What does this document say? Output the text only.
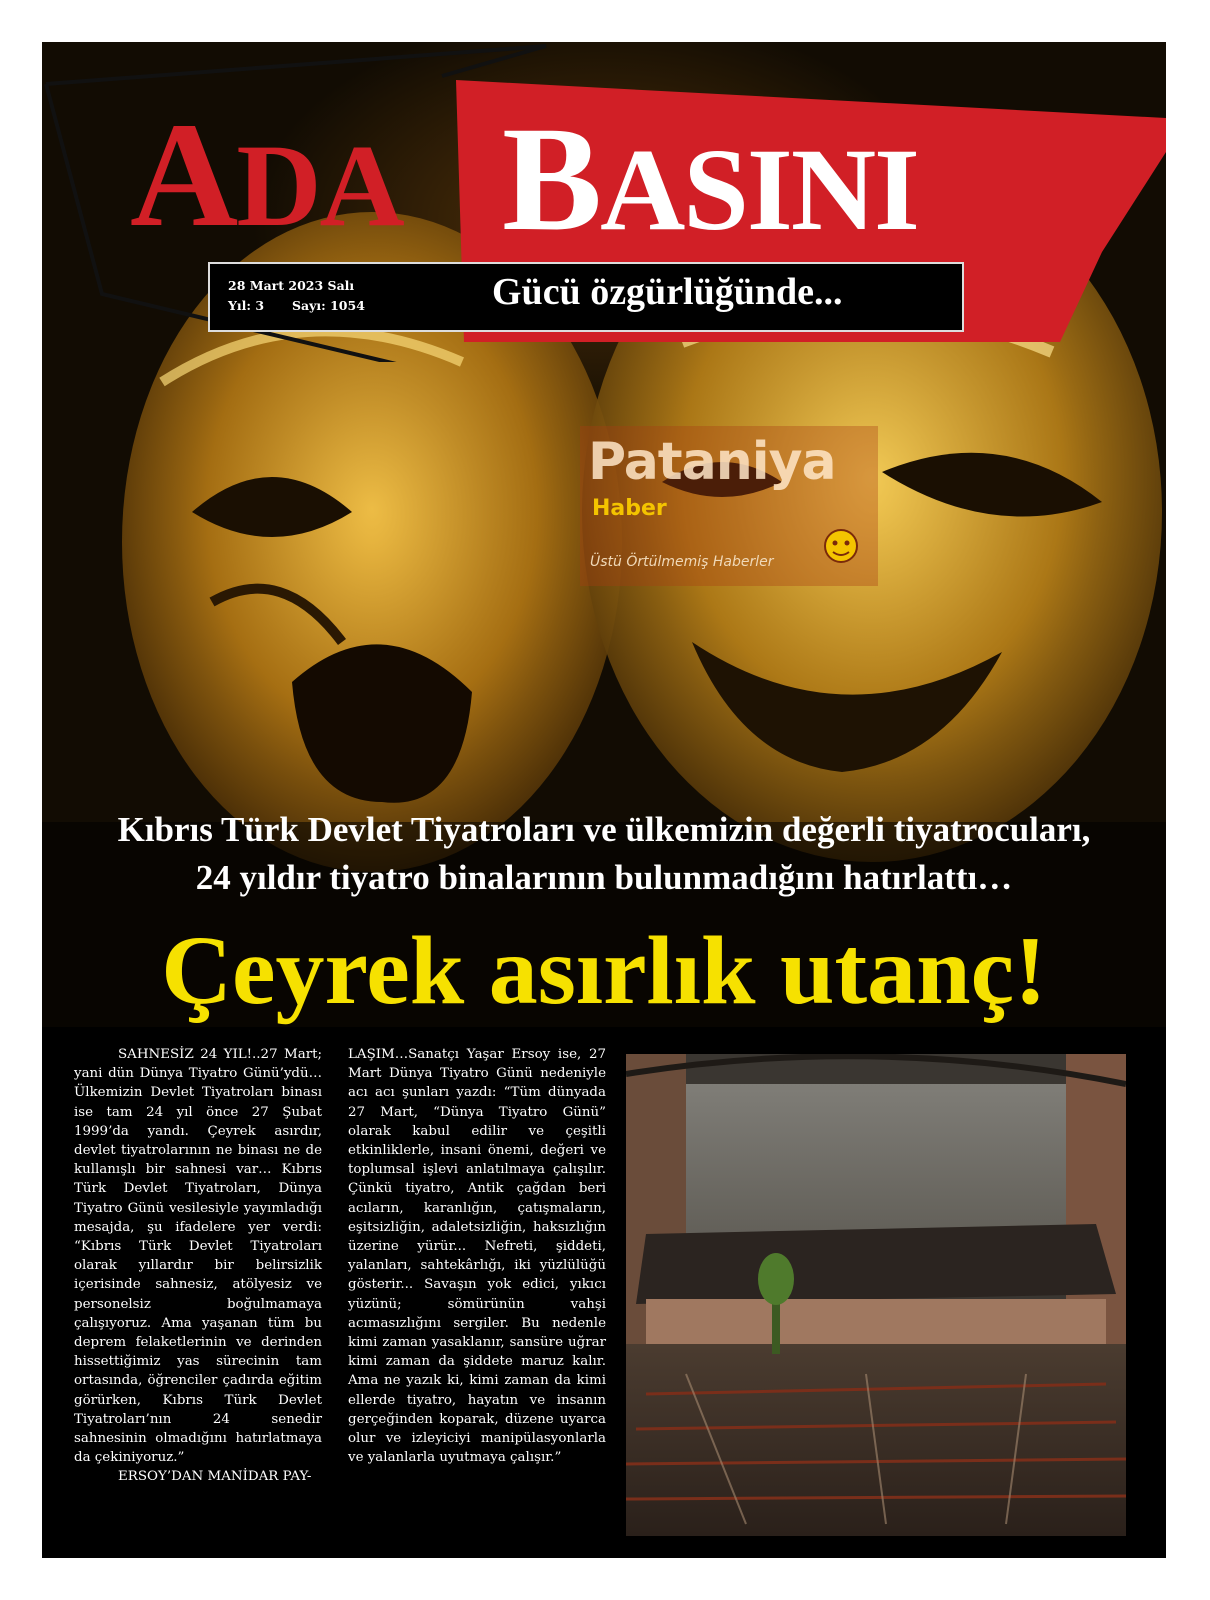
ADA BASINI
28 Mart 2023 Salı
Yıl: 3 Sayı: 1054	Gücü özgürlüğünde...
Pataniya
Haber
Üstü Örtülmemiş Haberler
Kıbrıs Türk Devlet Tiyatroları ve ülkemizin değerli tiyatrocuları,
24 yıldır tiyatro binalarının bulunmadığını hatırlattı…
Çeyrek asırlık utanç!

SAHNESİZ 24 YIL!..27 Mart; yani dün Dünya Tiyatro Günü’ydü… Ülkemizin Devlet Tiyatroları binası ise tam 24 yıl önce 27 Şubat 1999’da yandı. Çeyrek asırdır, devlet tiyatrolarının ne binası ne de kullanışlı bir sahnesi var… Kıbrıs Türk Devlet Tiyatroları, Dünya Tiyatro Günü vesilesiyle yayımladığı mesajda, şu ifadelere yer verdi: “Kıbrıs Türk Devlet Tiyatroları olarak yıllardır bir belirsizlik içerisinde sahnesiz, atölyesiz ve personelsiz boğulmamaya çalışıyoruz. Ama yaşanan tüm bu deprem felaketlerinin ve derinden hissettiğimiz yas sürecinin tam ortasında, öğrenciler çadırda eğitim görürken, Kıbrıs Türk Devlet Tiyatroları’nın 24 senedir sahnesinin olmadığını hatırlatmaya da çekiniyoruz.”

ERSOY’DAN MANİDAR PAY-

LAŞIM…Sanatçı Yaşar Ersoy ise, 27 Mart Dünya Tiyatro Günü nedeniyle acı acı şunları yazdı: “Tüm dünyada 27 Mart, “Dünya Tiyatro Günü” olarak kabul edilir ve çeşitli etkinliklerle, insani önemi, değeri ve toplumsal işlevi anlatılmaya çalışılır. Çünkü tiyatro, Antik çağdan beri acıların, karanlığın, çatışmaların, eşitsizliğin, adaletsizliğin, haksızlığın üzerine yürür... Nefreti, şiddeti, yalanları, sahtekârlığı, iki yüzlülüğü gösterir... Savaşın yok edici, yıkıcı yüzünü; sömürünün vahşi acımasızlığını sergiler. Bu nedenle kimi zaman yasaklanır, sansüre uğrar kimi zaman da şiddete maruz kalır. Ama ne yazık ki, kimi zaman da kimi ellerde tiyatro, hayatın ve insanın gerçeğinden koparak, düzene uyarca olur ve izleyiciyi manipülasyonlarla ve yalanlarla uyutmaya çalışır.”
